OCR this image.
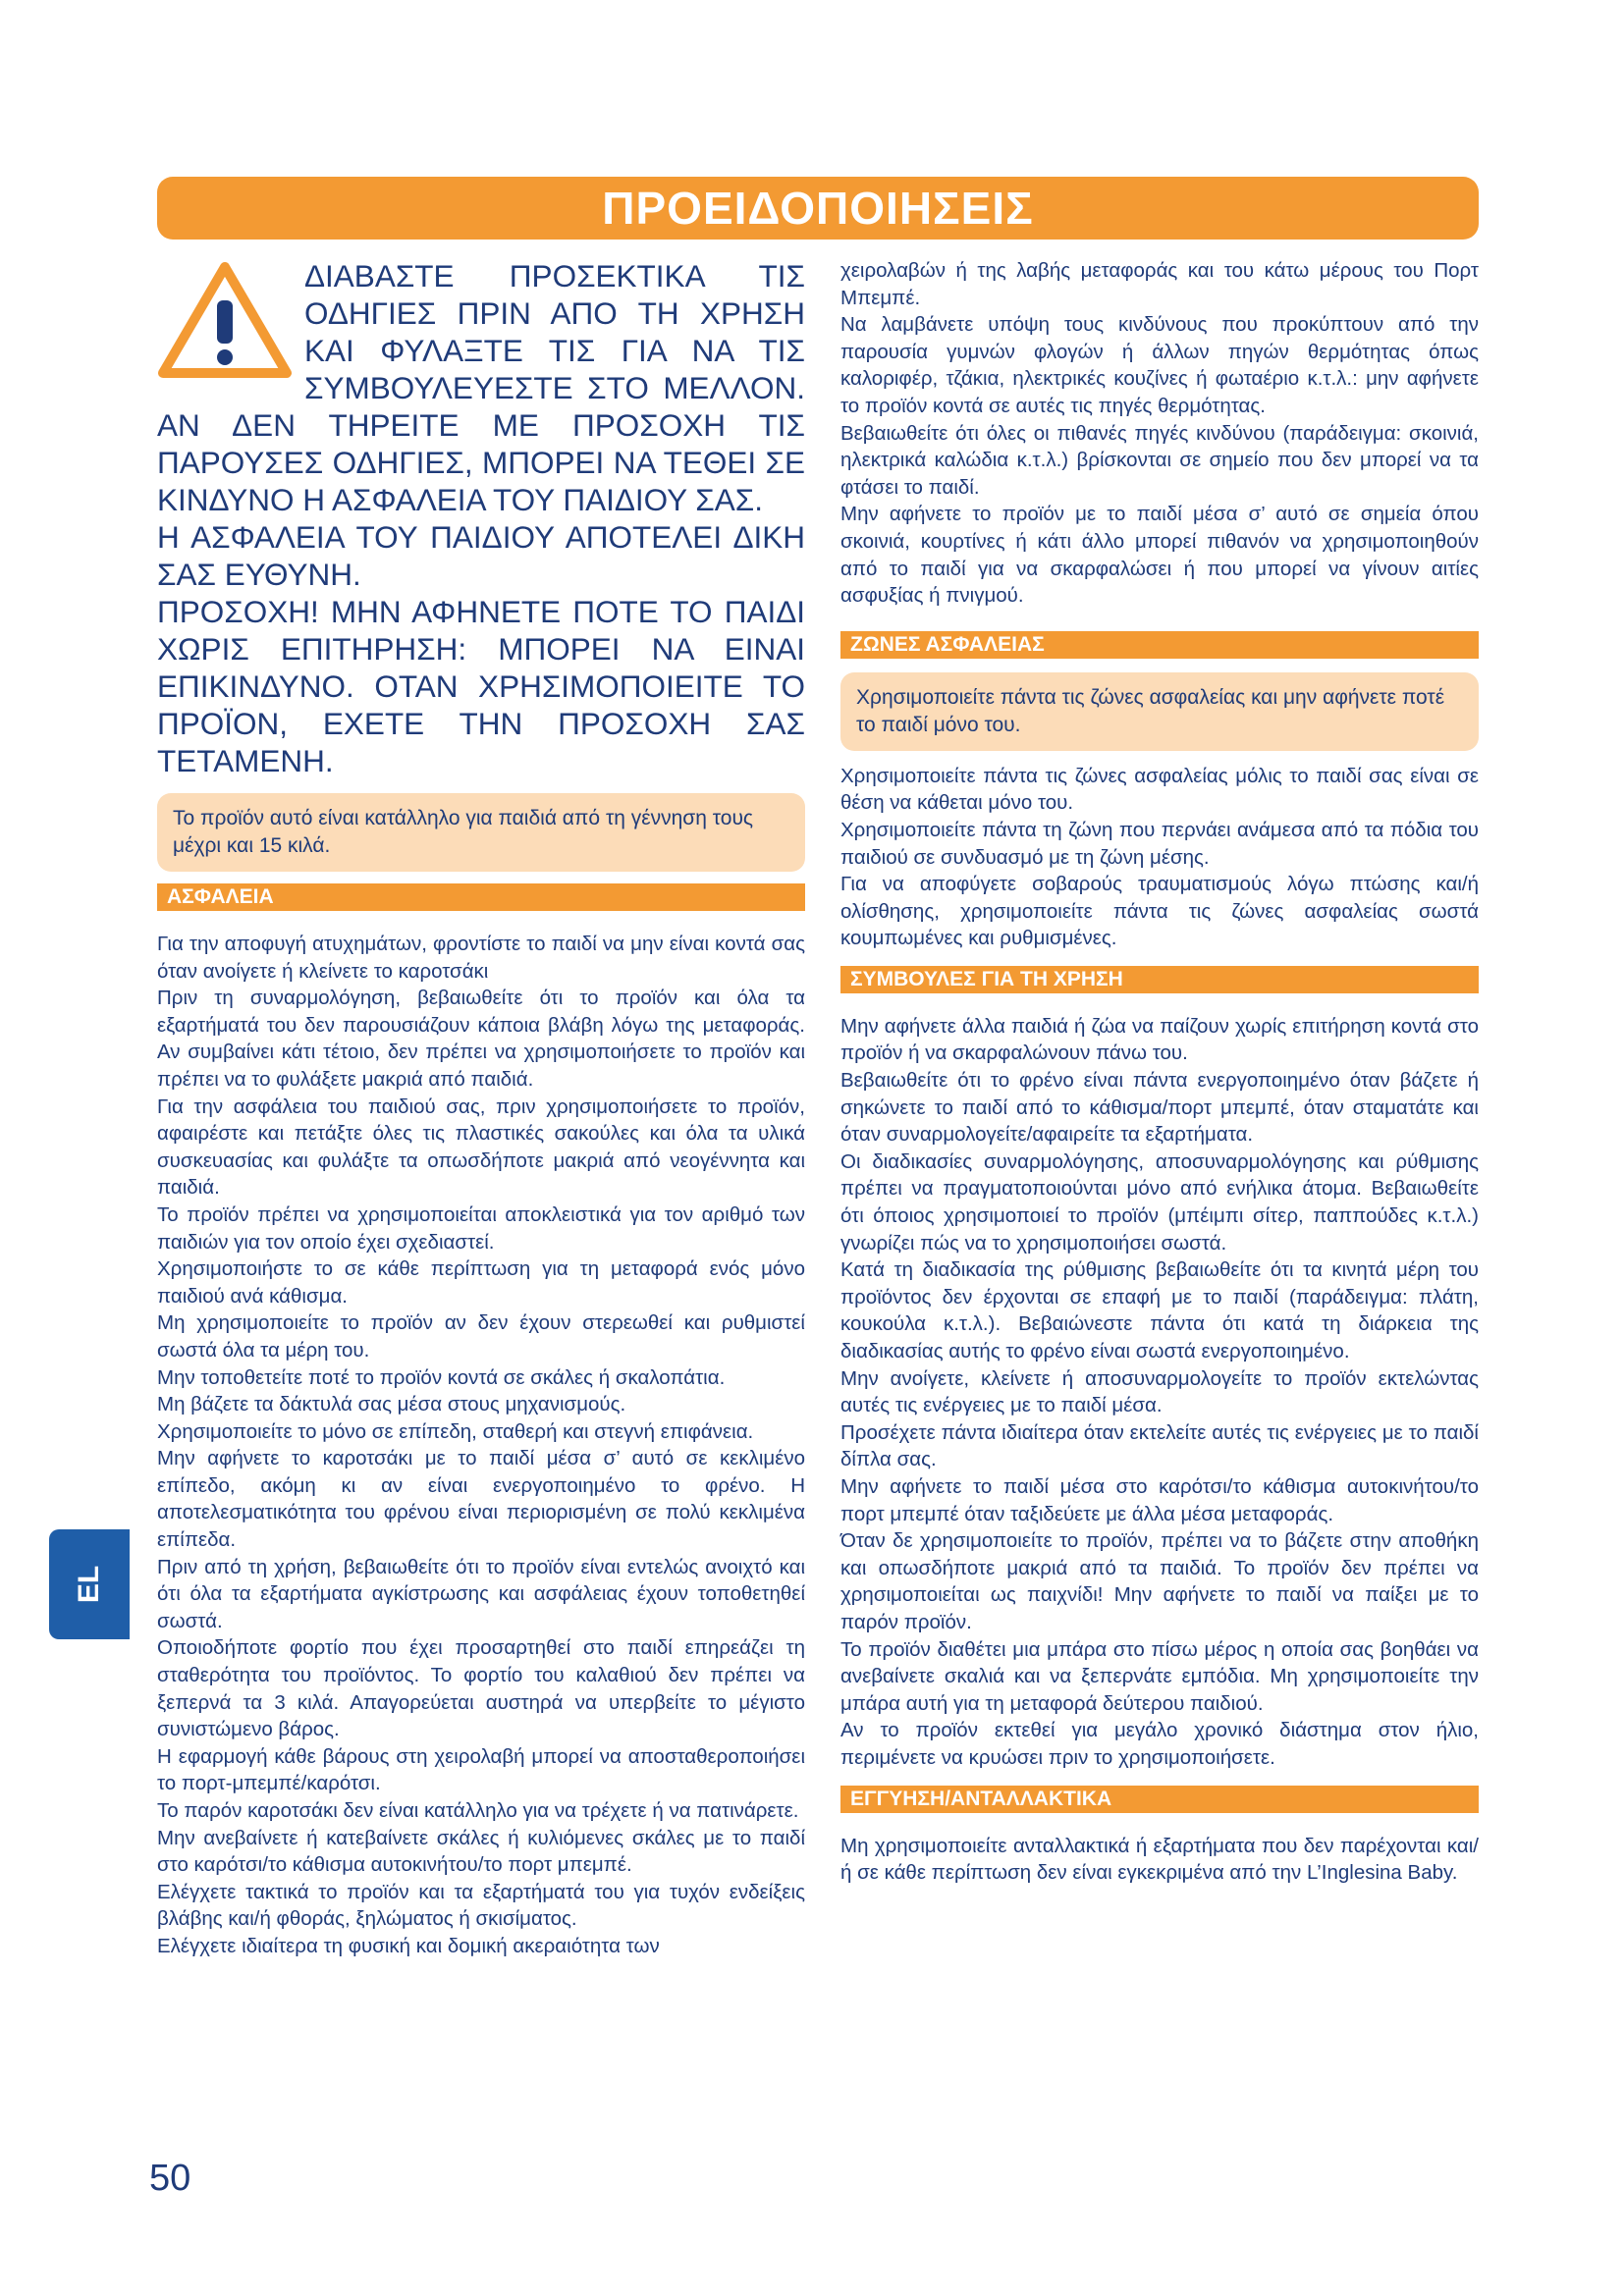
ΠΡΟΕΙΔΟΠΟΙΗΣΕΙΣ

ΔΙΑΒΑΣΤΕ ΠΡΟΣΕΚΤΙΚΑ ΤΙΣ ΟΔΗΓΙΕΣ ΠΡΙΝ ΑΠΟ ΤΗ ΧΡΗΣΗ ΚΑΙ ΦΥΛΑΞΤΕ ΤΙΣ ΓΙΑ ΝΑ ΤΙΣ ΣΥΜΒΟΥΛΕΥΕΣΤΕ ΣΤΟ ΜΕΛΛΟΝ. ΑΝ ΔΕΝ ΤΗΡΕΙΤΕ ΜΕ ΠΡΟΣΟΧΗ ΤΙΣ ΠΑΡΟΥΣΕΣ ΟΔΗΓΙΕΣ, ΜΠΟΡΕΙ ΝΑ ΤΕΘΕΙ ΣΕ ΚΙΝΔΥΝΟ Η ΑΣΦΑΛΕΙΑ ΤΟΥ ΠΑΙΔΙΟΥ ΣΑΣ.

Η ΑΣΦΑΛΕΙΑ ΤΟΥ ΠΑΙΔΙΟΥ ΑΠΟΤΕΛΕΙ ΔΙΚΗ ΣΑΣ ΕΥΘΥΝΗ.

ΠΡΟΣΟΧΗ! ΜΗΝ ΑΦΗΝΕΤΕ ΠΟΤΕ ΤΟ ΠΑΙΔΙ ΧΩΡΙΣ ΕΠΙΤΗΡΗΣΗ: ΜΠΟΡΕΙ ΝΑ ΕΙΝΑΙ ΕΠΙΚΙΝΔΥΝΟ. ΟΤΑΝ ΧΡΗΣΙΜΟΠΟΙΕΙΤΕ ΤΟ ΠΡΟΪΟΝ, ΕΧΕΤΕ ΤΗΝ ΠΡΟΣΟΧΗ ΣΑΣ ΤΕΤΑΜΕΝΗ.

Το προϊόν αυτό είναι κατάλληλο για παιδιά από τη γέννηση τους μέχρι και 15 κιλά.
ΑΣΦΑΛΕΙΑ

Για την αποφυγή ατυχημάτων, φροντίστε το παιδί να μην είναι κοντά σας όταν ανοίγετε ή κλείνετε το καροτσάκι

Πριν τη συναρμολόγηση, βεβαιωθείτε ότι το προϊόν και όλα τα εξαρτήματά του δεν παρουσιάζουν κάποια βλάβη λόγω της μεταφοράς. Αν συμβαίνει κάτι τέτοιο, δεν πρέπει να χρησιμοποιήσετε το προϊόν και πρέπει να το φυλάξετε μακριά από παιδιά.

Για την ασφάλεια του παιδιού σας, πριν χρησιμοποιήσετε το προϊόν, αφαιρέστε και πετάξτε όλες τις πλαστικές σακούλες και όλα τα υλικά συσκευασίας και φυλάξτε τα οπωσδήποτε μακριά από νεογέννητα και παιδιά.

Το προϊόν πρέπει να χρησιμοποιείται αποκλειστικά για τον αριθμό των παιδιών για τον οποίο έχει σχεδιαστεί.

Χρησιμοποιήστε το σε κάθε περίπτωση για τη μεταφορά ενός μόνο παιδιού ανά κάθισμα.

Μη χρησιμοποιείτε το προϊόν αν δεν έχουν στερεωθεί και ρυθμιστεί σωστά όλα τα μέρη του.

Μην τοποθετείτε ποτέ το προϊόν κοντά σε σκάλες ή σκαλοπάτια.

Μη βάζετε τα δάκτυλά σας μέσα στους μηχανισμούς.

Χρησιμοποιείτε το μόνο σε επίπεδη, σταθερή και στεγνή επιφάνεια.

Μην αφήνετε το καροτσάκι με το παιδί μέσα σ’ αυτό σε κεκλιμένο επίπεδο, ακόμη κι αν είναι ενεργοποιημένο το φρένο. Η αποτελεσματικότητα του φρένου είναι περιορισμένη σε πολύ κεκλιμένα επίπεδα.

Πριν από τη χρήση, βεβαιωθείτε ότι το προϊόν είναι εντελώς ανοιχτό και ότι όλα τα εξαρτήματα αγκίστρωσης και ασφάλειας έχουν τοποθετηθεί σωστά.

Οποιοδήποτε φορτίο που έχει προσαρτηθεί στο παιδί επηρεάζει τη σταθερότητα του προϊόντος. Το φορτίο του καλαθιού δεν πρέπει να ξεπερνά τα 3 κιλά. Απαγορεύεται αυστηρά να υπερβείτε το μέγιστο συνιστώμενο βάρος.

Η εφαρμογή κάθε βάρους στη χειρολαβή μπορεί να αποσταθεροποιήσει το πορτ-μπεμπέ/καρότσι.

Το παρόν καροτσάκι δεν είναι κατάλληλο για να τρέχετε ή να πατινάρετε.

Μην ανεβαίνετε ή κατεβαίνετε σκάλες ή κυλιόμενες σκάλες με το παιδί στο καρότσι/το κάθισμα αυτοκινήτου/το πορτ μπεμπέ.

Ελέγχετε τακτικά το προϊόν και τα εξαρτήματά του για τυχόν ενδείξεις βλάβης και/ή φθοράς, ξηλώματος ή σκισίματος.

Ελέγχετε ιδιαίτερα τη φυσική και δομική ακεραιότητα των

χειρολαβών ή της λαβής μεταφοράς και του κάτω μέρους του Πορτ Μπεμπέ.

Να λαμβάνετε υπόψη τους κινδύνους που προκύπτουν από την παρουσία γυμνών φλογών ή άλλων πηγών θερμότητας όπως καλοριφέρ, τζάκια, ηλεκτρικές κουζίνες ή φωταέριο κ.τ.λ.: μην αφήνετε το προϊόν κοντά σε αυτές τις πηγές θερμότητας.

Βεβαιωθείτε ότι όλες οι πιθανές πηγές κινδύνου (παράδειγμα: σκοινιά, ηλεκτρικά καλώδια κ.τ.λ.) βρίσκονται σε σημείο που δεν μπορεί να τα φτάσει το παιδί.

Μην αφήνετε το προϊόν με το παιδί μέσα σ’ αυτό σε σημεία όπου σκοινιά, κουρτίνες ή κάτι άλλο μπορεί πιθανόν να χρησιμοποιηθούν από το παιδί για να σκαρφαλώσει ή που μπορεί να γίνουν αιτίες ασφυξίας ή πνιγμού.

ΖΩΝΕΣ ΑΣΦΑΛΕΙΑΣ
Χρησιμοποιείτε πάντα τις ζώνες ασφαλείας και μην αφήνετε ποτέ το παιδί μόνο του.

Χρησιμοποιείτε πάντα τις ζώνες ασφαλείας μόλις το παιδί σας είναι σε θέση να κάθεται μόνο του.

Χρησιμοποιείτε πάντα τη ζώνη που περνάει ανάμεσα από τα πόδια του παιδιού σε συνδυασμό με τη ζώνη μέσης.

Για να αποφύγετε σοβαρούς τραυματισμούς λόγω πτώσης και/ή ολίσθησης, χρησιμοποιείτε πάντα τις ζώνες ασφαλείας σωστά κουμπωμένες και ρυθμισμένες.

ΣΥΜΒΟΥΛΕΣ ΓΙΑ ΤΗ ΧΡΗΣΗ

Μην αφήνετε άλλα παιδιά ή ζώα να παίζουν χωρίς επιτήρηση κοντά στο προϊόν ή να σκαρφαλώνουν πάνω του.

Βεβαιωθείτε ότι το φρένο είναι πάντα ενεργοποιημένο όταν βάζετε ή σηκώνετε το παιδί από το κάθισμα/πορτ μπεμπέ, όταν σταματάτε και όταν συναρμολογείτε/αφαιρείτε τα εξαρτήματα.

Οι διαδικασίες συναρμολόγησης, αποσυναρμολόγησης και ρύθμισης πρέπει να πραγματοποιούνται μόνο από ενήλικα άτομα. Βεβαιωθείτε ότι όποιος χρησιμοποιεί το προϊόν (μπέιμπι σίτερ, παππούδες κ.τ.λ.) γνωρίζει πώς να το χρησιμοποιήσει σωστά.

Κατά τη διαδικασία της ρύθμισης βεβαιωθείτε ότι τα κινητά μέρη του προϊόντος δεν έρχονται σε επαφή με το παιδί (παράδειγμα: πλάτη, κουκούλα κ.τ.λ.). Βεβαιώνεστε πάντα ότι κατά τη διάρκεια της διαδικασίας αυτής το φρένο είναι σωστά ενεργοποιημένο.

Μην ανοίγετε, κλείνετε ή αποσυναρμολογείτε το προϊόν εκτελώντας αυτές τις ενέργειες με το παιδί μέσα.

Προσέχετε πάντα ιδιαίτερα όταν εκτελείτε αυτές τις ενέργειες με το παιδί δίπλα σας.

Μην αφήνετε το παιδί μέσα στο καρότσι/το κάθισμα αυτοκινήτου/το πορτ μπεμπέ όταν ταξιδεύετε με άλλα μέσα μεταφοράς.

Όταν δε χρησιμοποιείτε το προϊόν, πρέπει να το βάζετε στην αποθήκη και οπωσδήποτε μακριά από τα παιδιά. Το προϊόν δεν πρέπει να χρησιμοποιείται ως παιχνίδι! Μην αφήνετε το παιδί να παίξει με το παρόν προϊόν.

Το προϊόν διαθέτει μια μπάρα στο πίσω μέρος η οποία σας βοηθάει να ανεβαίνετε σκαλιά και να ξεπερνάτε εμπόδια. Μη χρησιμοποιείτε την μπάρα αυτή για τη μεταφορά δεύτερου παιδιού.

Αν το προϊόν εκτεθεί για μεγάλο χρονικό διάστημα στον ήλιο, περιμένετε να κρυώσει πριν το χρησιμοποιήσετε.

ΕΓΓΥΗΣΗ/ΑΝΤΑΛΛΑΚΤΙΚΑ

Μη χρησιμοποιείτε ανταλλακτικά ή εξαρτήματα που δεν παρέχονται και/ή σε κάθε περίπτωση δεν είναι εγκεκριμένα από την L’Inglesina Baby.

EL
50
